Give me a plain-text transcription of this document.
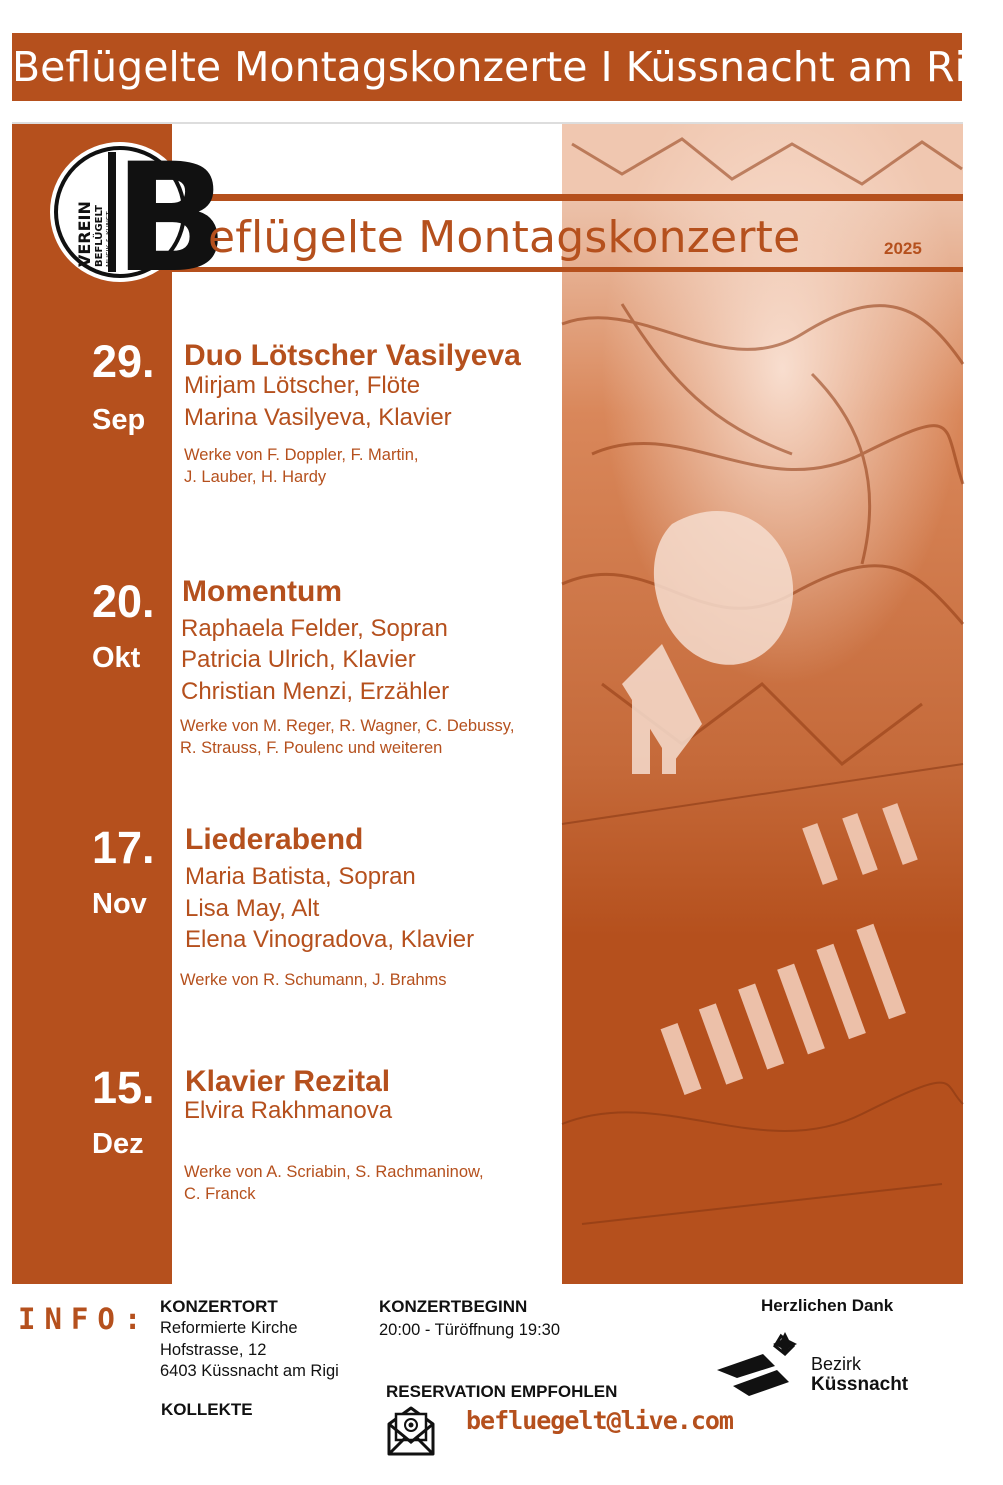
Beflügelte Montagskonzerte I Küssnacht am Rigi
B
VEREIN BEFLÜGELT MUSIK & KUNST eflügelte Montagskonzerte	2025
29.
Sep
Duo Lötscher Vasilyeva
Mirjam Lötscher, Flöte
Marina Vasilyeva, Klavier
Werke von F. Doppler, F. Martin,
J. Lauber, H. Hardy
20.
Okt
Momentum
Raphaela Felder, Sopran
Patricia Ulrich, Klavier
Christian Menzi, Erzähler
Werke von M. Reger, R. Wagner, C. Debussy,
R. Strauss, F. Poulenc und weiteren
17.
Nov
Liederabend
Maria Batista, Sopran
Lisa May, Alt
Elena Vinogradova, Klavier
Werke von R. Schumann, J. Brahms
15.
Dez
Klavier Rezital
Elvira Rakhmanova
Werke von A. Scriabin, S. Rachmaninow,
C. Franck
INFO: KONZERTORT
Reformierte Kirche
Hofstrasse, 12
6403 Küssnacht am Rigi
KOLLEKTE
KONZERTBEGINN
20:00 - Türöffnung 19:30
RESERVATION EMPFOHLEN
befluegelt@live.com
Herzlichen Dank
Bezirk
Küssnacht
